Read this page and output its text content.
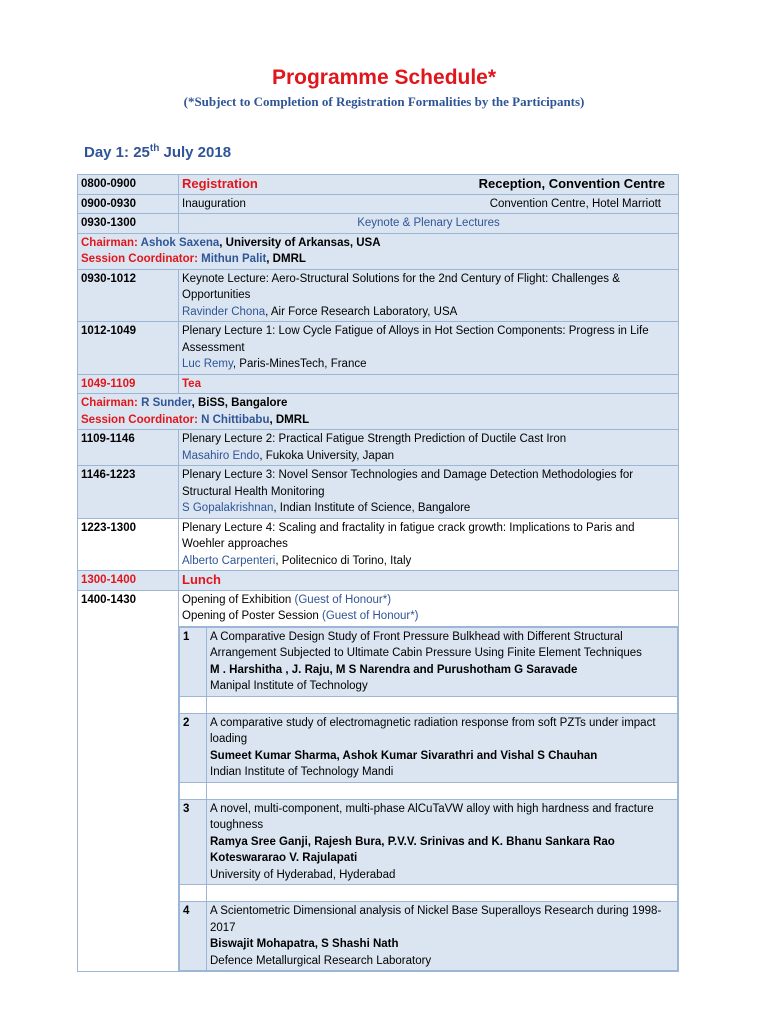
Programme Schedule*
(*Subject to Completion of Registration Formalities by the Participants)
Day 1: 25th July 2018
0800-0900	Registration	Reception, Convention Centre

0900-0930	Inauguration	Convention Centre, Hotel Marriott

0930-1300	Keynote & Plenary Lectures

Chairman: Ashok Saxena, University of Arkansas, USA
Session Coordinator: Mithun Palit, DMRL

0930-1012	Keynote Lecture: Aero-Structural Solutions for the 2nd Century of Flight: Challenges & Opportunities
Ravinder Chona, Air Force Research Laboratory, USA

1012-1049	Plenary Lecture 1: Low Cycle Fatigue of Alloys in Hot Section Components: Progress in Life Assessment
Luc Remy, Paris-MinesTech, France

1049-1109	Tea

Chairman: R Sunder, BiSS, Bangalore
Session Coordinator: N Chittibabu, DMRL

1109-1146	Plenary Lecture 2: Practical Fatigue Strength Prediction of Ductile Cast Iron
Masahiro Endo, Fukoka University, Japan

1146-1223	Plenary Lecture 3: Novel Sensor Technologies and Damage Detection Methodologies for Structural Health Monitoring
S Gopalakrishnan, Indian Institute of Science, Bangalore

1223-1300	Plenary Lecture 4: Scaling and fractality in fatigue crack growth: Implications to Paris and Woehler approaches
Alberto Carpenteri, Politecnico di Torino, Italy

1300-1400	Lunch
1400-1430	Opening of Exhibition (Guest of Honour*)
Opening of Poster Session (Guest of Honour*)

1	A Comparative Design Study of Front Pressure Bulkhead with Different Structural Arrangement Subjected to Ultimate Cabin Pressure Using Finite Element Techniques
M . Harshitha , J. Raju, M S Narendra and Purushotham G Saravade
Manipal Institute of Technology

2	A comparative study of electromagnetic radiation response from soft PZTs under impact loading
Sumeet Kumar Sharma, Ashok Kumar Sivarathri and Vishal S Chauhan
Indian Institute of Technology Mandi

3	A novel, multi-component, multi-phase AlCuTaVW alloy with high hardness and fracture toughness
Ramya Sree Ganji, Rajesh Bura, P.V.V. Srinivas and K. Bhanu Sankara Rao
Koteswararao V. Rajulapati
University of Hyderabad, Hyderabad

4	A Scientometric Dimensional analysis of Nickel Base Superalloys Research during 1998-2017
Biswajit Mohapatra, S Shashi Nath
Defence Metallurgical Research Laboratory
